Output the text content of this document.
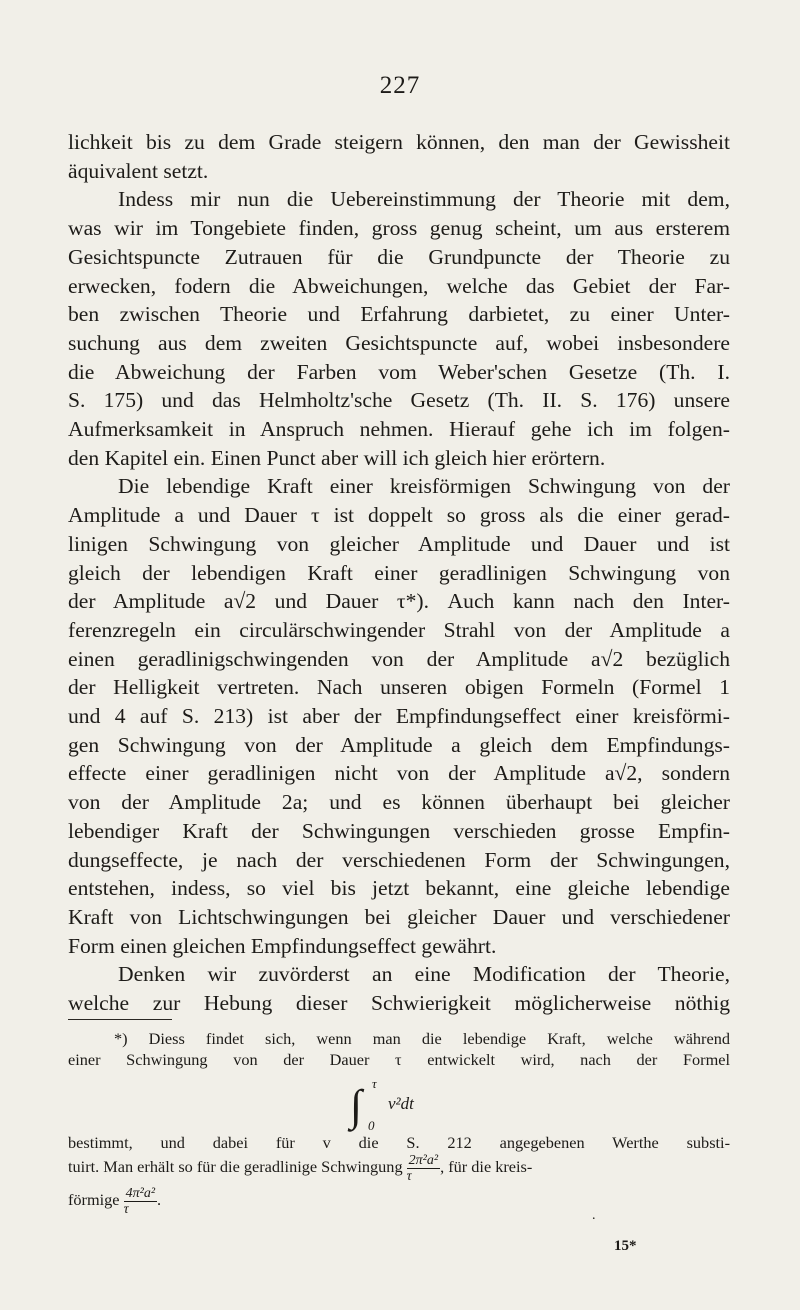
227
lichkeit bis zu dem Grade steigern können, den man der Gewissheit
äquivalent setzt.
Indess mir nun die Uebereinstimmung der Theorie mit dem,
was wir im Tongebiete finden, gross genug scheint, um aus ersterem
Gesichtspuncte Zutrauen für die Grundpuncte der Theorie zu
erwecken, fodern die Abweichungen, welche das Gebiet der Far-
ben zwischen Theorie und Erfahrung darbietet, zu einer Unter-
suchung aus dem zweiten Gesichtspuncte auf, wobei insbesondere
die Abweichung der Farben vom Weber'schen Gesetze (Th. I.
S. 175) und das Helmholtz'sche Gesetz (Th. II. S. 176) unsere
Aufmerksamkeit in Anspruch nehmen. Hierauf gehe ich im folgen-
den Kapitel ein. Einen Punct aber will ich gleich hier erörtern.
Die lebendige Kraft einer kreisförmigen Schwingung von der
Amplitude a und Dauer τ ist doppelt so gross als die einer gerad-
linigen Schwingung von gleicher Amplitude und Dauer und ist
gleich der lebendigen Kraft einer geradlinigen Schwingung von
der Amplitude a√2 und Dauer τ*). Auch kann nach den Inter-
ferenzregeln ein circulärschwingender Strahl von der Amplitude a
einen geradlinigschwingenden von der Amplitude a√2 bezüglich
der Helligkeit vertreten. Nach unseren obigen Formeln (Formel 1
und 4 auf S. 213) ist aber der Empfindungseffect einer kreisförmi-
gen Schwingung von der Amplitude a gleich dem Empfindungs-
effecte einer geradlinigen nicht von der Amplitude a√2, sondern
von der Amplitude 2a; und es können überhaupt bei gleicher
lebendiger Kraft der Schwingungen verschieden grosse Empfin-
dungseffecte, je nach der verschiedenen Form der Schwingungen,
entstehen, indess, so viel bis jetzt bekannt, eine gleiche lebendige
Kraft von Lichtschwingungen bei gleicher Dauer und verschiedener
Form einen gleichen Empfindungseffect gewährt.
Denken wir zuvörderst an eine Modification der Theorie,
welche zur Hebung dieser Schwierigkeit möglicherweise nöthig
*) Diess findet sich, wenn man die lebendige Kraft, welche während
einer Schwingung von der Dauer τ entwickelt wird, nach der Formel
bestimmt, und dabei für v die S. 212 angegebenen Werthe substi-
tuirt. Man erhält so für die geradlinige Schwingung $\frac{\text{2π²a²}}{\tau}$ , für die kreis-
förmige $\frac{\text{4π²a²}}{\tau}$ .
∫ τ
0
v²dt
.
15*
